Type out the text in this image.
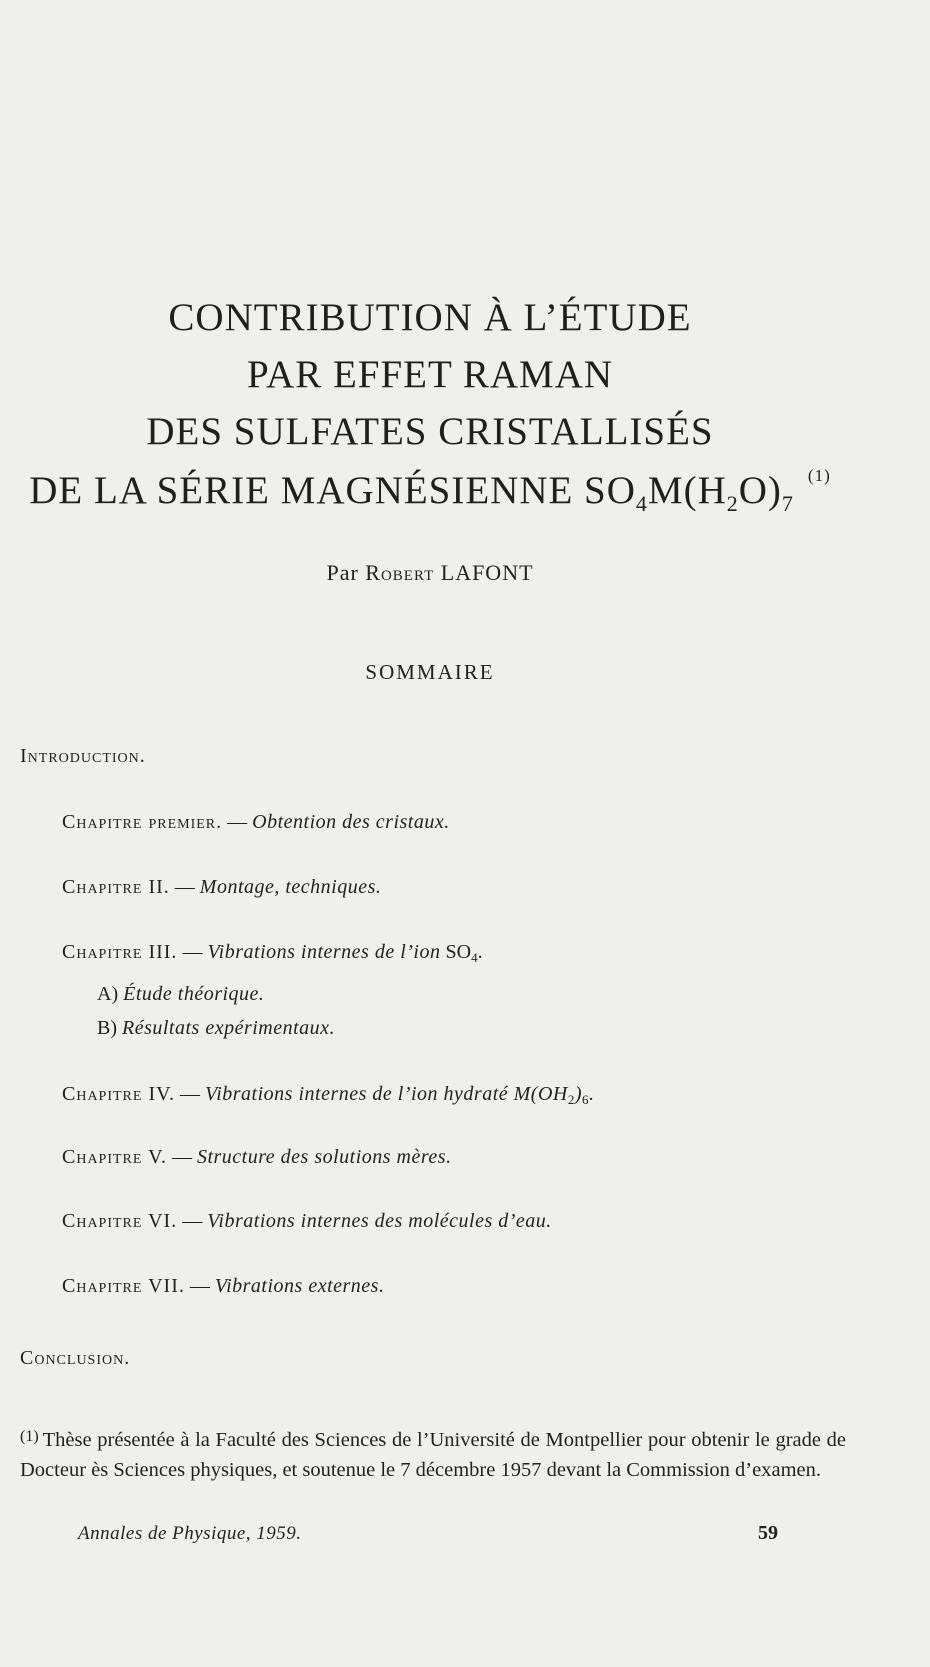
CONTRIBUTION À L’ÉTUDE
PAR EFFET RAMAN
DES SULFATES CRISTALLISÉS
DE LA SÉRIE MAGNÉSIENNE $SO_4M(H_2O)_7^{(1)}$
Par Robert LAFONT
SOMMAIRE
Introduction.
Chapitre premier. — Obtention des cristaux.
Chapitre II. — Montage, techniques.
Chapitre III. — Vibrations internes de l’ion $SO_4$.
A) Étude théorique.
B) Résultats expérimentaux.
Chapitre IV. — Vibrations internes de l’ion hydraté $M(OH_2)_6$.
Chapitre V. — Structure des solutions mères.
Chapitre VI. — Vibrations internes des molécules d’eau.
Chapitre VII. — Vibrations externes.
Conclusion.
$^{(1)}$ Thèse présentée à la Faculté des Sciences de l’Université de Montpellier pour obtenir le grade de Docteur ès Sciences physiques, et soutenue le 7 décembre 1957 devant la Commission d’examen.
Annales de Physique, 1959.	59
